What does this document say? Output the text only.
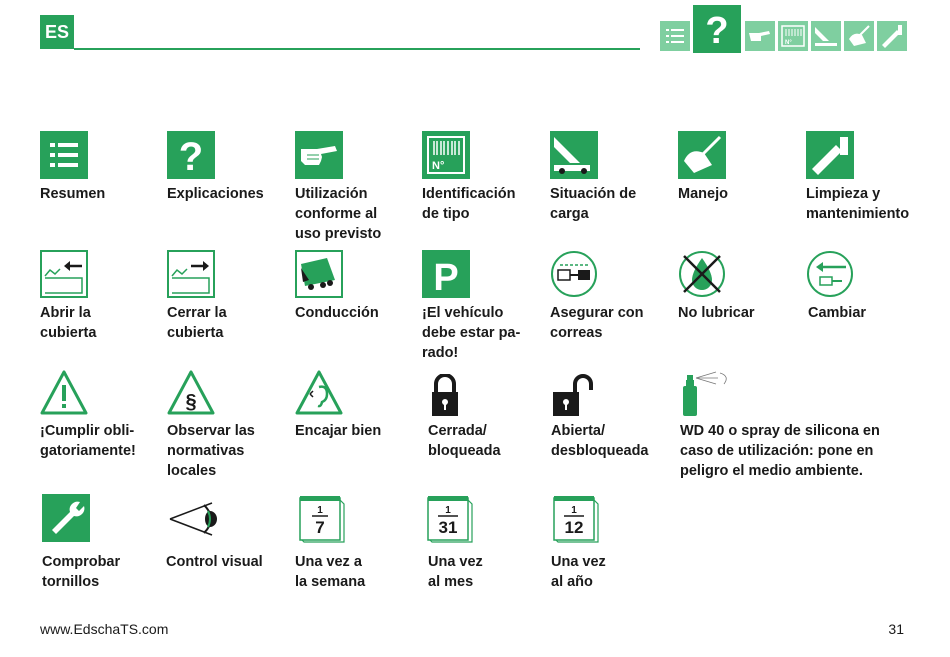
ES	?	N°
Resumen
?
Explicaciones Utilización
conforme al
uso previsto
N°
Identificación
de tipo
Situación de
carga
Manejo	Limpieza y
mantenimiento
Abrir la
cubierta
Cerrar la
cubierta
Conducción
P
¡El vehículo
debe estar pa-
rado!
Asegurar con
correas
No lubricar	Cambiar
¡Cumplir obli-
gatoriamente!
§
Observar las
normativas
locales
Encajar bien	Cerrada/
bloqueada
Abierta/
desbloqueada
WD 40 o spray de silicona en
caso de utilización: pone en
peligro el medio ambiente.
Comprobar
tornillos
Control visual
1
7
Una vez a
la semana
1
31
Una vez
al mes
1
12
Una vez
al año
www.EdschaTS.com	31
